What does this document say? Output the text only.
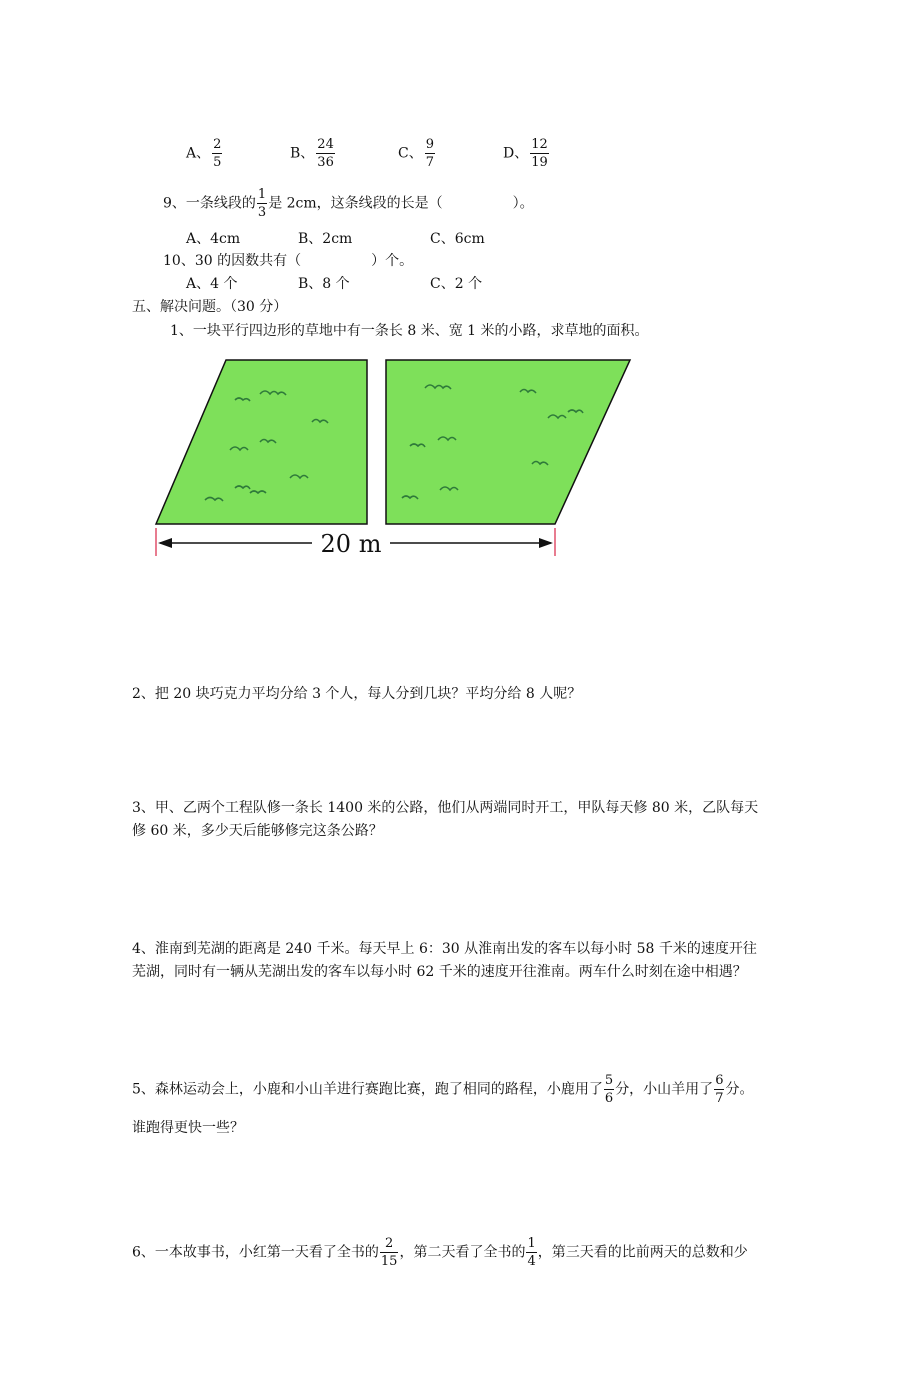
A、 $\frac{2}{5}$	B、 $\frac{24}{36}$	C、 $\frac{9}{7}$	D、 $\frac{12}{19}$
9、一条线段的 $\frac{1}{3}$ 是 2cm，这条线段的长是（　　　　　）。
A、4cm	B、2cm	C、6cm
10、30 的因数共有（　　　　　）个。
A、4 个	B、8 个	C、2 个
五、解决问题。（30 分）
1、一块平行四边形的草地中有一条长 8 米、宽 1 米的小路，求草地的面积。
20 m
2、把 20 块巧克力平均分给 3 个人，每人分到几块？平均分给 8 人呢？
3、甲、乙两个工程队修一条长 1400 米的公路，他们从两端同时开工，甲队每天修 80 米，乙队每天
修 60 米，多少天后能够修完这条公路？
4、淮南到芜湖的距离是 240 千米。每天早上 6：30 从淮南出发的客车以每小时 58 千米的速度开往
芜湖，同时有一辆从芜湖出发的客车以每小时 62 千米的速度开往淮南。两车什么时刻在途中相遇？
5、森林运动会上，小鹿和小山羊进行赛跑比赛，跑了相同的路程，小鹿用了 $\frac{5}{6}$ 分，小山羊用了 $\frac{6}{7}$ 分。
谁跑得更快一些？
6、一本故事书，小红第一天看了全书的 $\frac{2}{15}$ ，第二天看了全书的 $\frac{1}{4}$ ，第三天看的比前两天的总数和少
